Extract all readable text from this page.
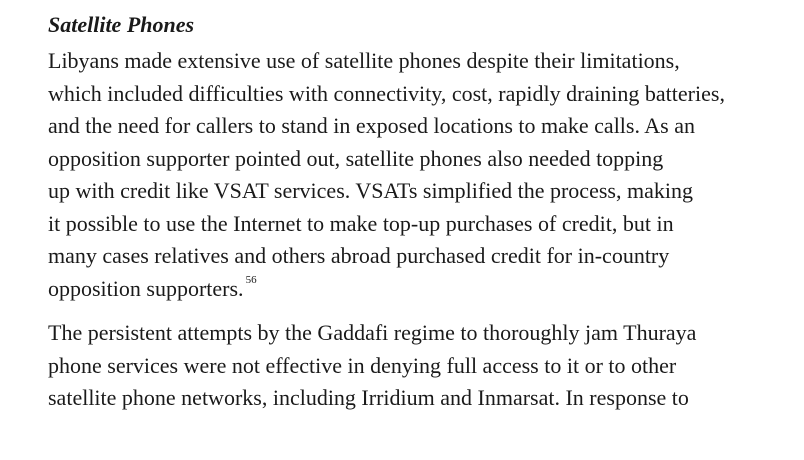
Satellite Phones

Libyans made extensive use of satellite phones despite their limitations,
which included difficulties with connectivity, cost, rapidly draining batteries,
and the need for callers to stand in exposed locations to make calls. As an
opposition supporter pointed out, satellite phones also needed topping
up with credit like VSAT services. VSATs simplified the process, making
it possible to use the Internet to make top-up purchases of credit, but in
many cases relatives and others abroad purchased credit for in-country
opposition supporters. $^{56}$

The persistent attempts by the Gaddafi regime to thoroughly jam Thuraya
phone services were not effective in denying full access to it or to other
satellite phone networks, including Irridium and Inmarsat. In response to
